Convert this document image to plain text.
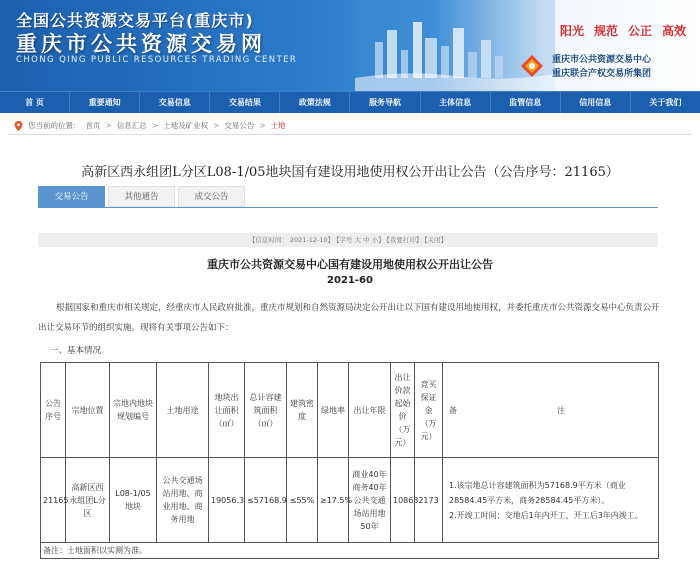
全国公共资源交易平台(重庆市)
重庆市公共资源交易网
CHONG QING PUBLIC RESOURCES TRADING CENTER
阳光 规范 公正 高效
重庆市公共资源交易中心
重庆联合产权交易所集团
首 页	重要通知	交易信息	交易结果	政策法规	服务导航	主体信息	监管信息	信用信息	关于我们
您当前的位置： 首页 > 信息汇总 > 土地及矿业权 > 交易公告 > 土地
高新区西永组团L分区L08-1/05地块国有建设用地使用权公开出让公告（公告序号：21165）
交易公告	其他通告	成交公告
【信息时间： 2021-12-10】 【字号 大 中 小】 【我要打印】 【关闭】
重庆市公共资源交易中心国有建设用地使用权公开出让公告
2021-60
根据国家和重庆市相关规定，经重庆市人民政府批准，重庆市规划和自然资源局决定公开出让以下国有建设用地使用权，并委托重庆市公共资源交易中心负责公开出让交易环节的组织实施。现将有关事项公告如下：
一、基本情况
公告序号	宗地位置	宗地内地块规划编号	土地用途	地块出让面积（㎡）	总计容建筑面积（㎡）	建筑密度	绿地率	出让年限	出让价款起始价（万元）	竞买保证金（万元）	备 注
21165	高新区西永组团L分区	L08-1/05地块	公共交通场站用地、商业用地、商务用地	19056.3	≤57168.9	≤55%	≥17.5%	商业40年商务40年公共交通场站用地50年	10863	2173	1.该宗地总计容建筑面积为57168.9平方米（商业28584.45平方米，商务28584.45平方米）。
2.开竣工时间：交地后1年内开工，开工后3年内竣工。

备注：土地面积以实测为准。											
